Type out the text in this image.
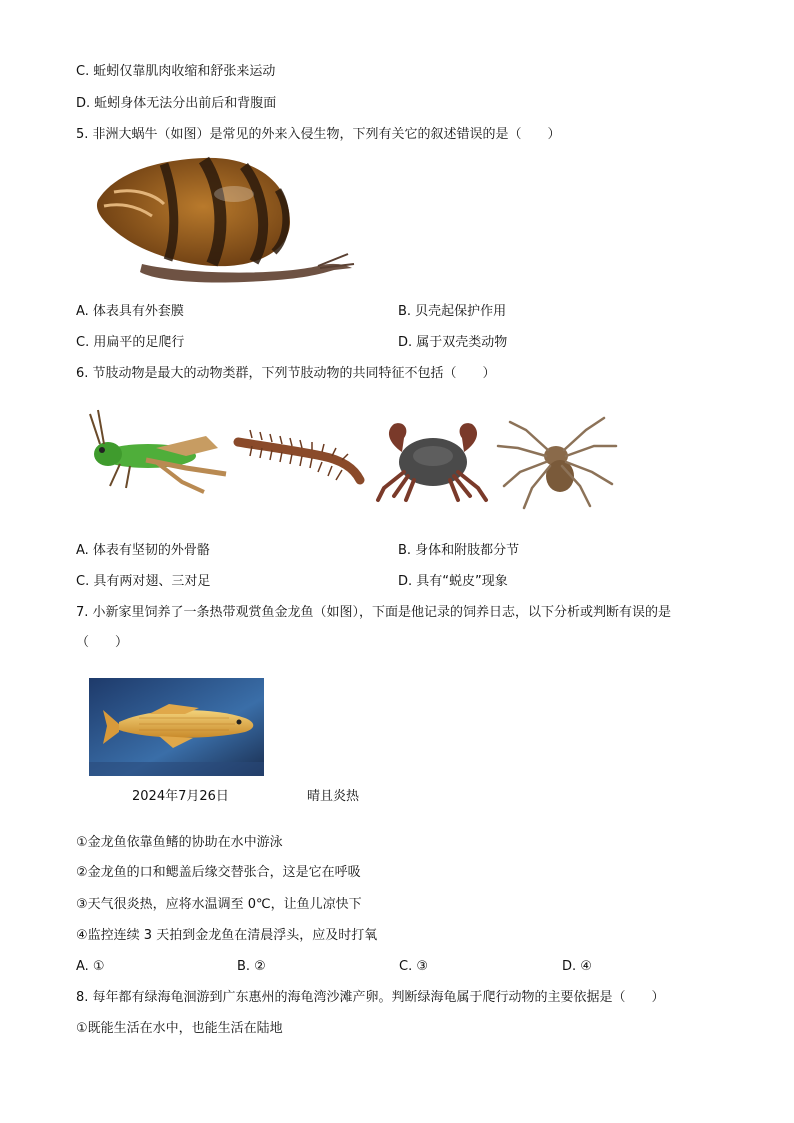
C. 蚯蚓仅靠肌肉收缩和舒张来运动
D. 蚯蚓身体无法分出前后和背腹面
5. 非洲大蜗牛（如图）是常见的外来入侵生物，下列有关它的叙述错误的是（　　）
A. 体表具有外套膜	B. 贝壳起保护作用
C. 用扁平的足爬行	D. 属于双壳类动物
6. 节肢动物是最大的动物类群，下列节肢动物的共同特征不包括（　　）
A. 体表有坚韧的外骨骼	B. 身体和附肢都分节
C. 具有两对翅、三对足	D. 具有“蜕皮”现象
7. 小新家里饲养了一条热带观赏鱼金龙鱼（如图），下面是他记录的饲养日志，以下分析或判断有误的是
（　　）
2024年7月26日	晴且炎热
①金龙鱼依靠鱼鳍的协助在水中游泳
②金龙鱼的口和鳃盖后缘交替张合，这是它在呼吸
③天气很炎热，应将水温调至 0℃，让鱼儿凉快下
④监控连续 3 天拍到金龙鱼在清晨浮头，应及时打氧
A. ①	B. ②	C. ③	D. ④
8. 每年都有绿海龟洄游到广东惠州的海龟湾沙滩产卵。判断绿海龟属于爬行动物的主要依据是（　　）
①既能生活在水中，也能生活在陆地
